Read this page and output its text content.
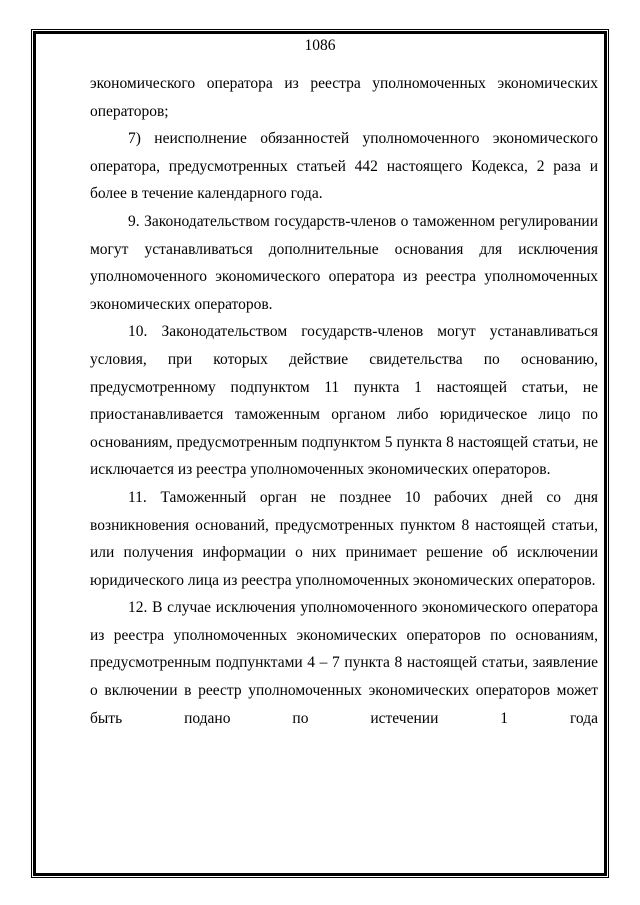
1086

экономического оператора из реестра уполномоченных экономических
операторов;

7) неисполнение обязанностей уполномоченного экономического оператора, предусмотренных статьей 442 настоящего Кодекса, 2 раза и более в течение календарного года.

9. Законодательством государств-членов о таможенном регулировании могут устанавливаться дополнительные основания для исключения уполномоченного экономического оператора из реестра уполномоченных экономических операторов.

10. Законодательством государств-членов могут устанавливаться условия, при которых действие свидетельства по основанию, предусмотренному подпунктом 11 пункта 1 настоящей статьи, не приостанавливается таможенным органом либо юридическое лицо по основаниям, предусмотренным подпунктом 5 пункта 8 настоящей статьи, не исключается из реестра уполномоченных экономических операторов.

11. Таможенный орган не позднее 10 рабочих дней со дня возникновения оснований, предусмотренных пунктом 8 настоящей статьи, или получения информации о них принимает решение об исключении юридического лица из реестра уполномоченных экономических операторов.

12. В случае исключения уполномоченного экономического оператора из реестра уполномоченных экономических операторов по основаниям, предусмотренным подпунктами 4 – 7 пункта 8 настоящей статьи, заявление о включении в реестр уполномоченных экономических операторов может быть подано по истечении 1 года
